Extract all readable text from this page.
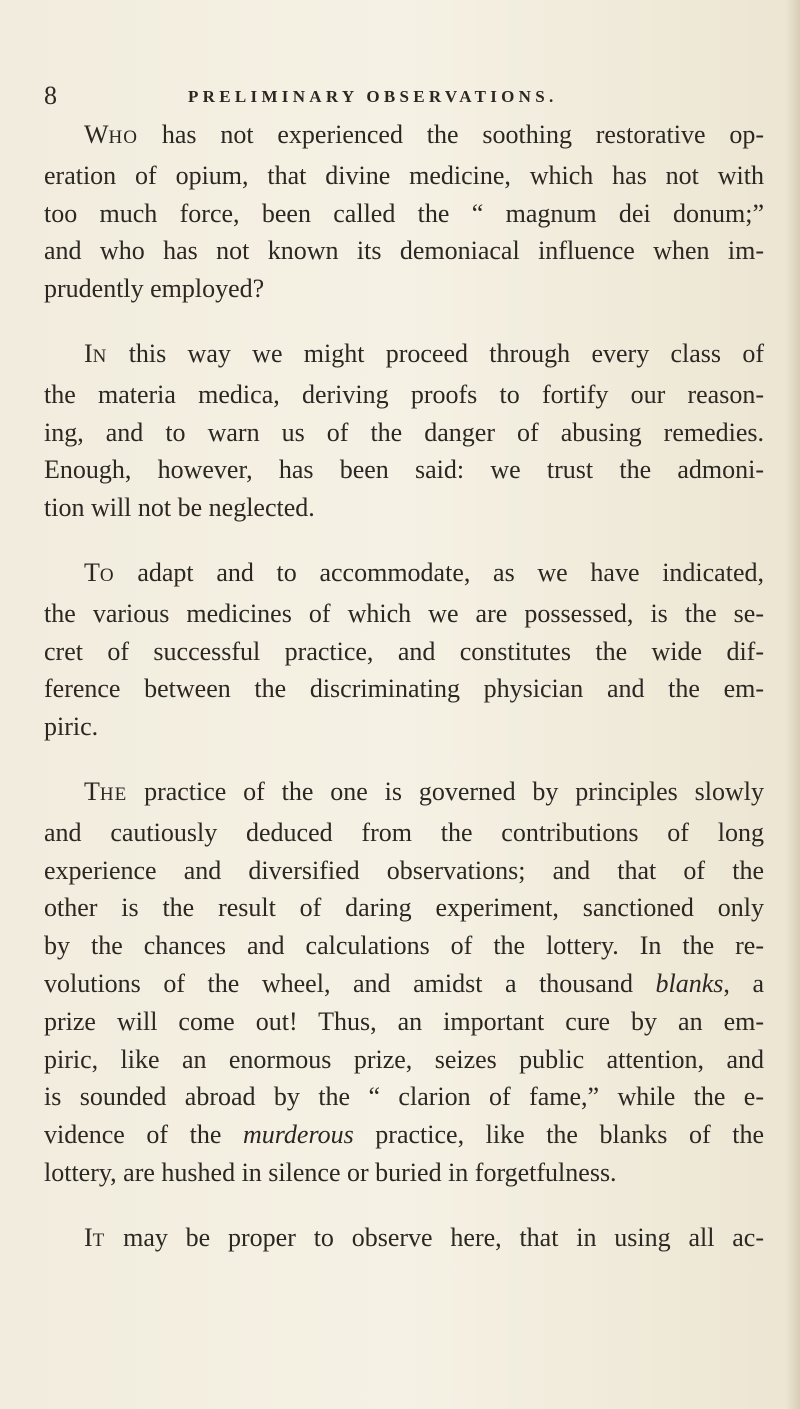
8	PRELIMINARY OBSERVATIONS.

WHO has not experienced the soothing restorative op-
eration of opium, that divine medicine, which has not with
too much force, been called the “ magnum dei donum;”
and who has not known its demoniacal influence when im-
prudently employed?

IN this way we might proceed through every class of
the materia medica, deriving proofs to fortify our reason-
ing, and to warn us of the danger of abusing remedies.
Enough, however, has been said: we trust the admoni-
tion will not be neglected.

TO adapt and to accommodate, as we have indicated,
the various medicines of which we are possessed, is the se-
cret of successful practice, and constitutes the wide dif-
ference between the discriminating physician and the em-
piric.

THE practice of the one is governed by principles slowly
and cautiously deduced from the contributions of long
experience and diversified observations; and that of the
other is the result of daring experiment, sanctioned only
by the chances and calculations of the lottery. In the re-
volutions of the wheel, and amidst a thousand blanks, a
prize will come out! Thus, an important cure by an em-
piric, like an enormous prize, seizes public attention, and
is sounded abroad by the “ clarion of fame,” while the e-
vidence of the murderous practice, like the blanks of the
lottery, are hushed in silence or buried in forgetfulness.

IT may be proper to observe here, that in using all ac-
